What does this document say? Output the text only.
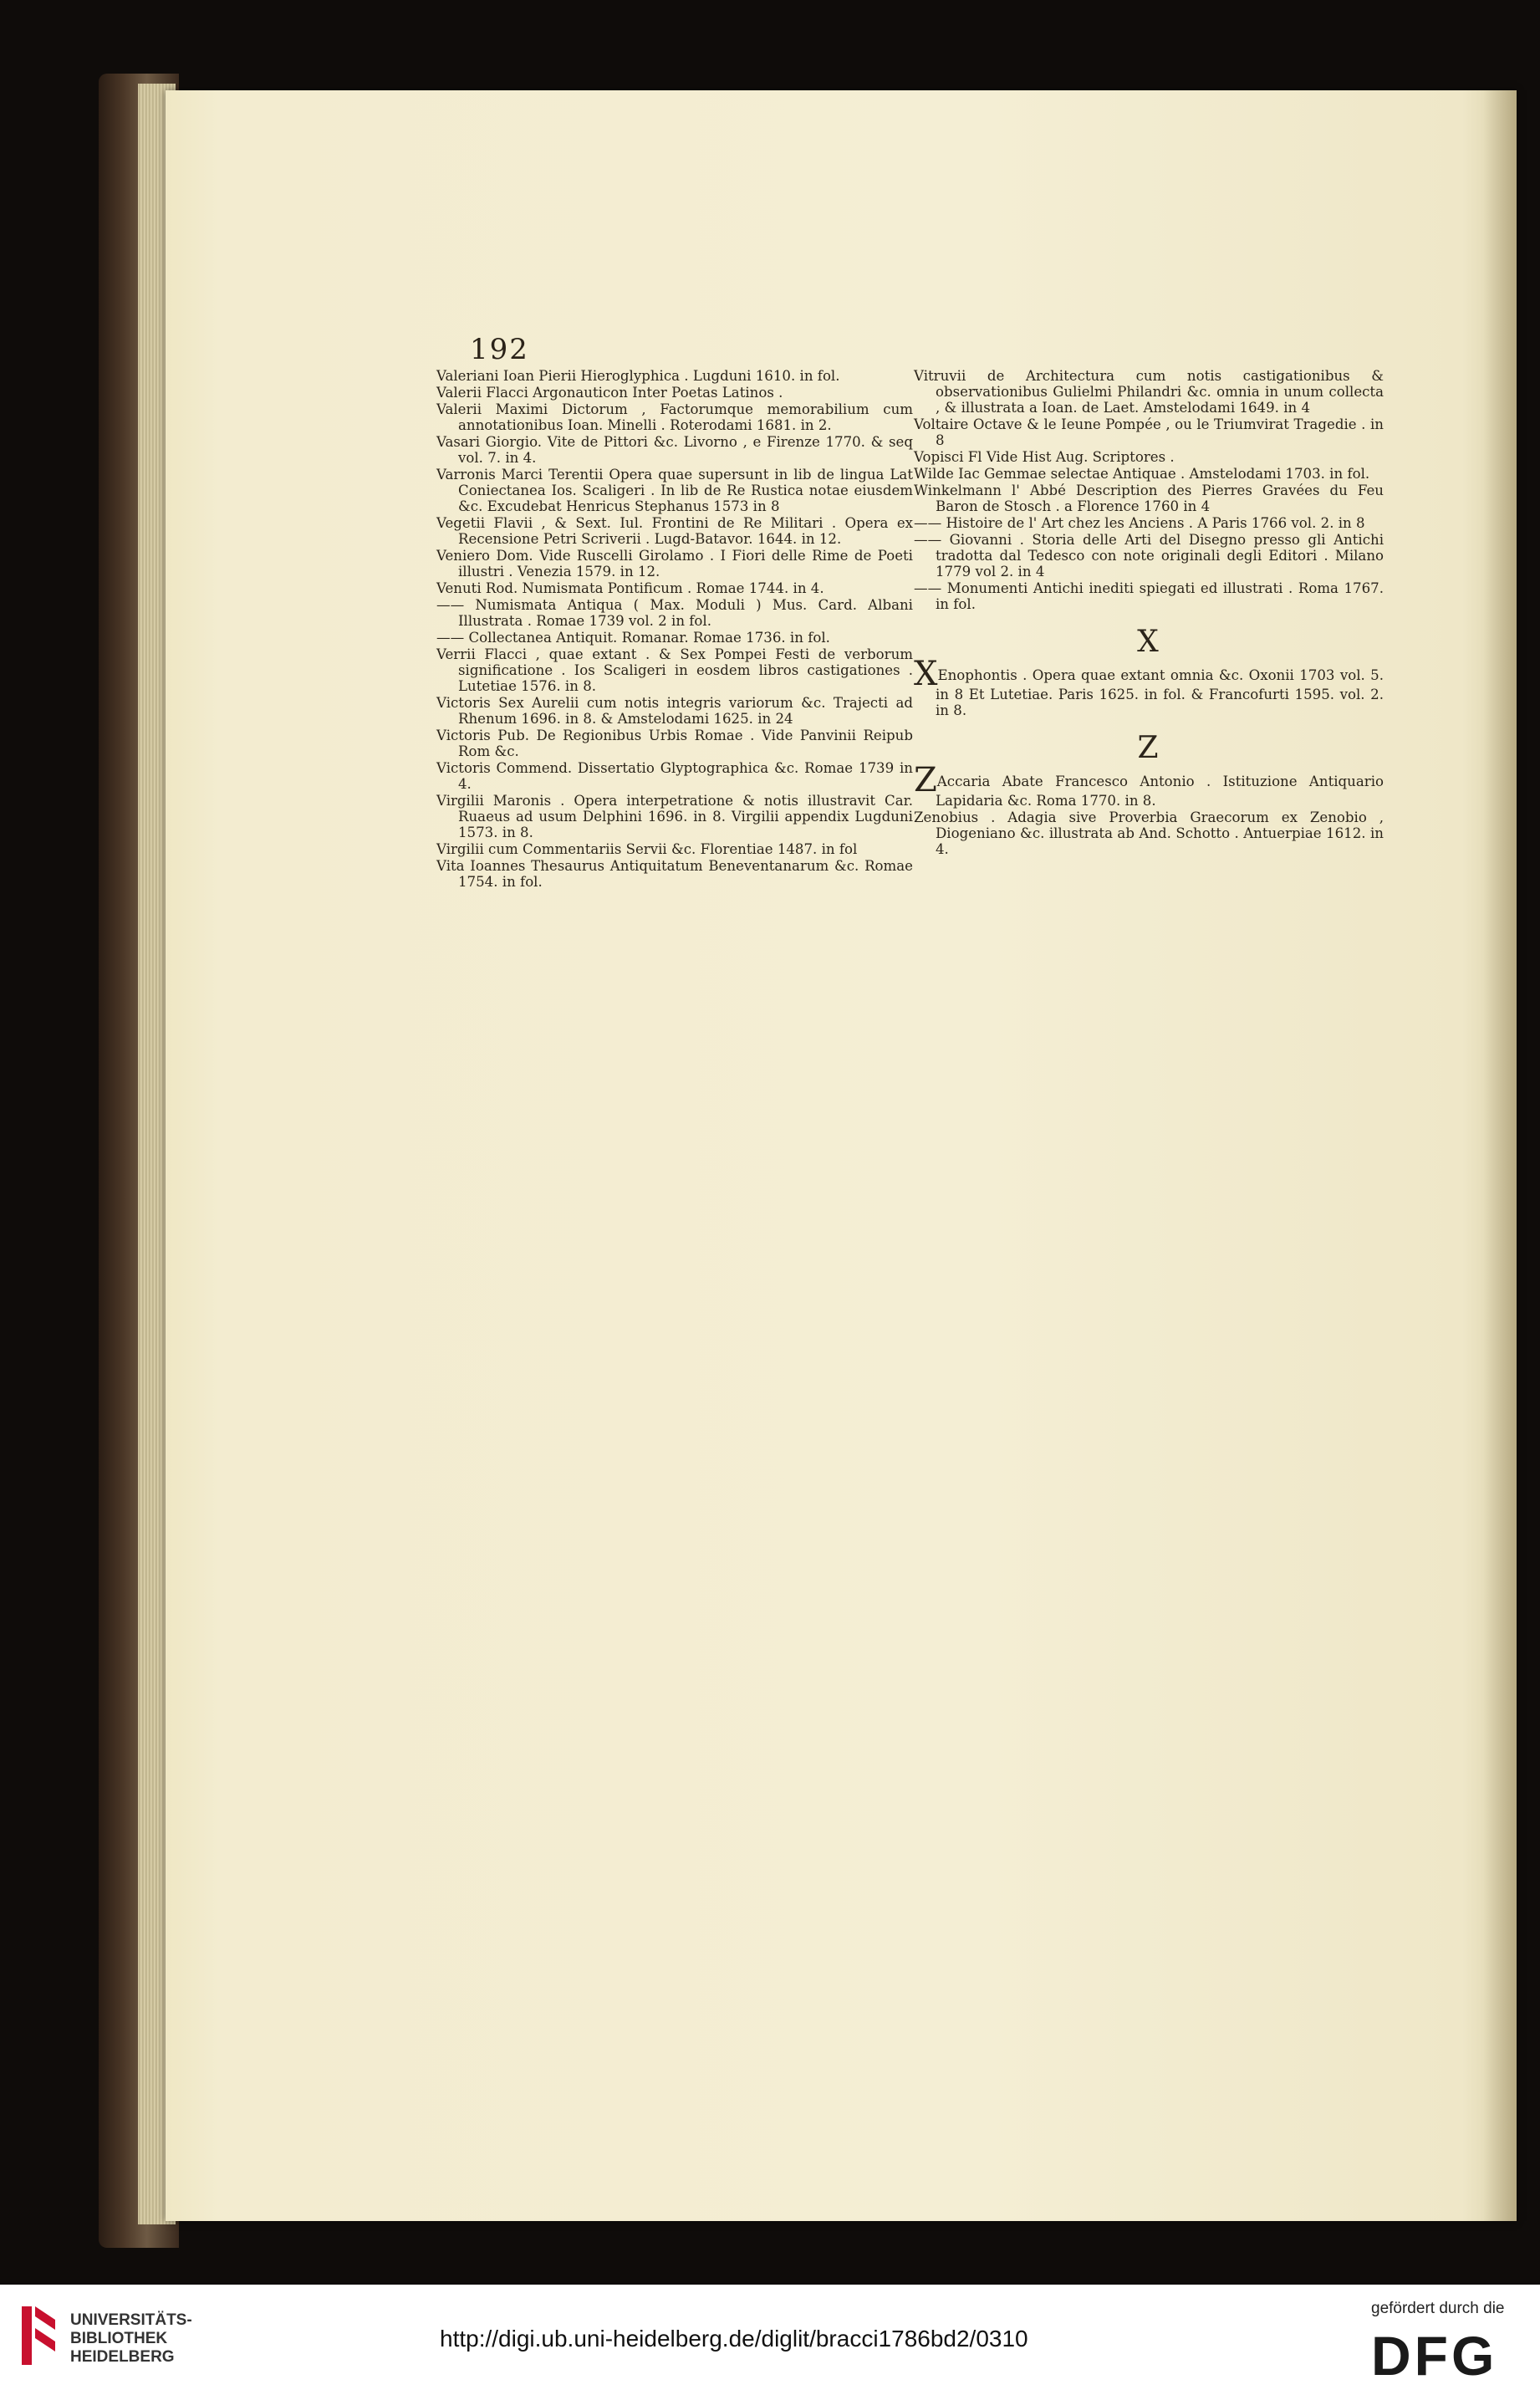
192
Valeriani Ioan Pierii Hieroglyphica . Lugduni 1610. in fol.
Valerii Flacci Argonauticon Inter Poetas Latinos .
Valerii Maximi Dictorum , Factorumque memorabilium cum annotationibus Ioan. Minelli . Roterodami 1681. in 2.
Vasari Giorgio. Vite de Pittori &c. Livorno , e Firenze 1770. & seq vol. 7. in 4.
Varronis Marci Terentii Opera quae supersunt in lib de lingua Lat Coniectanea Ios. Scaligeri . In lib de Re Rustica notae eiusdem &c. Excudebat Henricus Stephanus 1573 in 8
Vegetii Flavii , & Sext. Iul. Frontini de Re Militari . Opera ex Recensione Petri Scriverii . Lugd-Batavor. 1644. in 12.
Veniero Dom. Vide Ruscelli Girolamo . I Fiori delle Rime de Poeti illustri . Venezia 1579. in 12.
Venuti Rod. Numismata Pontificum . Romae 1744. in 4.
—— Numismata Antiqua ( Max. Moduli ) Mus. Card. Albani Illustrata . Romae 1739 vol. 2 in fol.
—— Collectanea Antiquit. Romanar. Romae 1736. in fol.
Verrii Flacci , quae extant . & Sex Pompei Festi de verborum significatione . Ios Scaligeri in eosdem libros castigationes . Lutetiae 1576. in 8.
Victoris Sex Aurelii cum notis integris variorum &c. Trajecti ad Rhenum 1696. in 8. & Amstelodami 1625. in 24
Victoris Pub. De Regionibus Urbis Romae . Vide Panvinii Reipub Rom &c.
Victoris Commend. Dissertatio Glyptographica &c. Romae 1739 in 4.
Virgilii Maronis . Opera interpetratione & notis illustravit Car. Ruaeus ad usum Delphini 1696. in 8. Virgilii appendix Lugduni 1573. in 8.
Virgilii cum Commentariis Servii &c. Florentiae 1487. in fol
Vita Ioannes Thesaurus Antiquitatum Beneventanarum &c. Romae 1754. in fol.
Vitruvii de Architectura cum notis castigationibus & observationibus Gulielmi Philandri &c. omnia in unum collecta , & illustrata a Ioan. de Laet. Amstelodami 1649. in 4
Voltaire Octave & le Ieune Pompée , ou le Triumvirat Tragedie . in 8
Vopisci Fl Vide Hist Aug. Scriptores .
Wilde Iac Gemmae selectae Antiquae . Amstelodami 1703. in fol.
Winkelmann l' Abbé Description des Pierres Gravées du Feu Baron de Stosch . a Florence 1760 in 4
—— Histoire de l' Art chez les Anciens . A Paris 1766 vol. 2. in 8
—— Giovanni . Storia delle Arti del Disegno presso gli Antichi tradotta dal Tedesco con note originali degli Editori . Milano 1779 vol 2. in 4
—— Monumenti Antichi inediti spiegati ed illustrati . Roma 1767. in fol.
X
XEnophontis . Opera quae extant omnia &c. Oxonii 1703 vol. 5. in 8 Et Lutetiae. Paris 1625. in fol. & Francofurti 1595. vol. 2. in 8.
Z
ZAccaria Abate Francesco Antonio . Istituzione Antiquario Lapidaria &c. Roma 1770. in 8.
Zenobius . Adagia sive Proverbia Graecorum ex Zenobio , Diogeniano &c. illustrata ab And. Schotto . Antuerpiae 1612. in 4.
UNIVERSITÄTS-
BIBLIOTHEK
HEIDELBERG
http://digi.ub.uni-heidelberg.de/diglit/bracci1786bd2/0310
gefördert durch die
DFG
